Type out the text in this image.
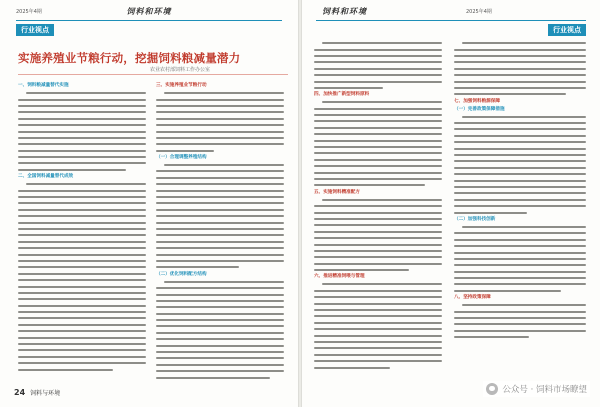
2025年4期	饲料和环境
行业视点
实施养殖业节粮行动，挖掘饲料粮减量潜力
农业农村部饲料工作办公室
一、饲料粮减量替代实施
二、全国饲料减量替代成效
三、实施养殖业节粮行动
（一）合理调整养殖结构
（二）优化饲料配方结构
24 饲料与环境
饲料和环境	2025年4期
行业视点
四、加快推广新型饲料原料
五、实施饲料精准配方
六、推进精准饲喂与管理
七、加强饲料粮源保障
（一）完善政策保障措施
（二）加强科技创新
八、坚持政策保障
公众号 · 饲料市场瞭望
